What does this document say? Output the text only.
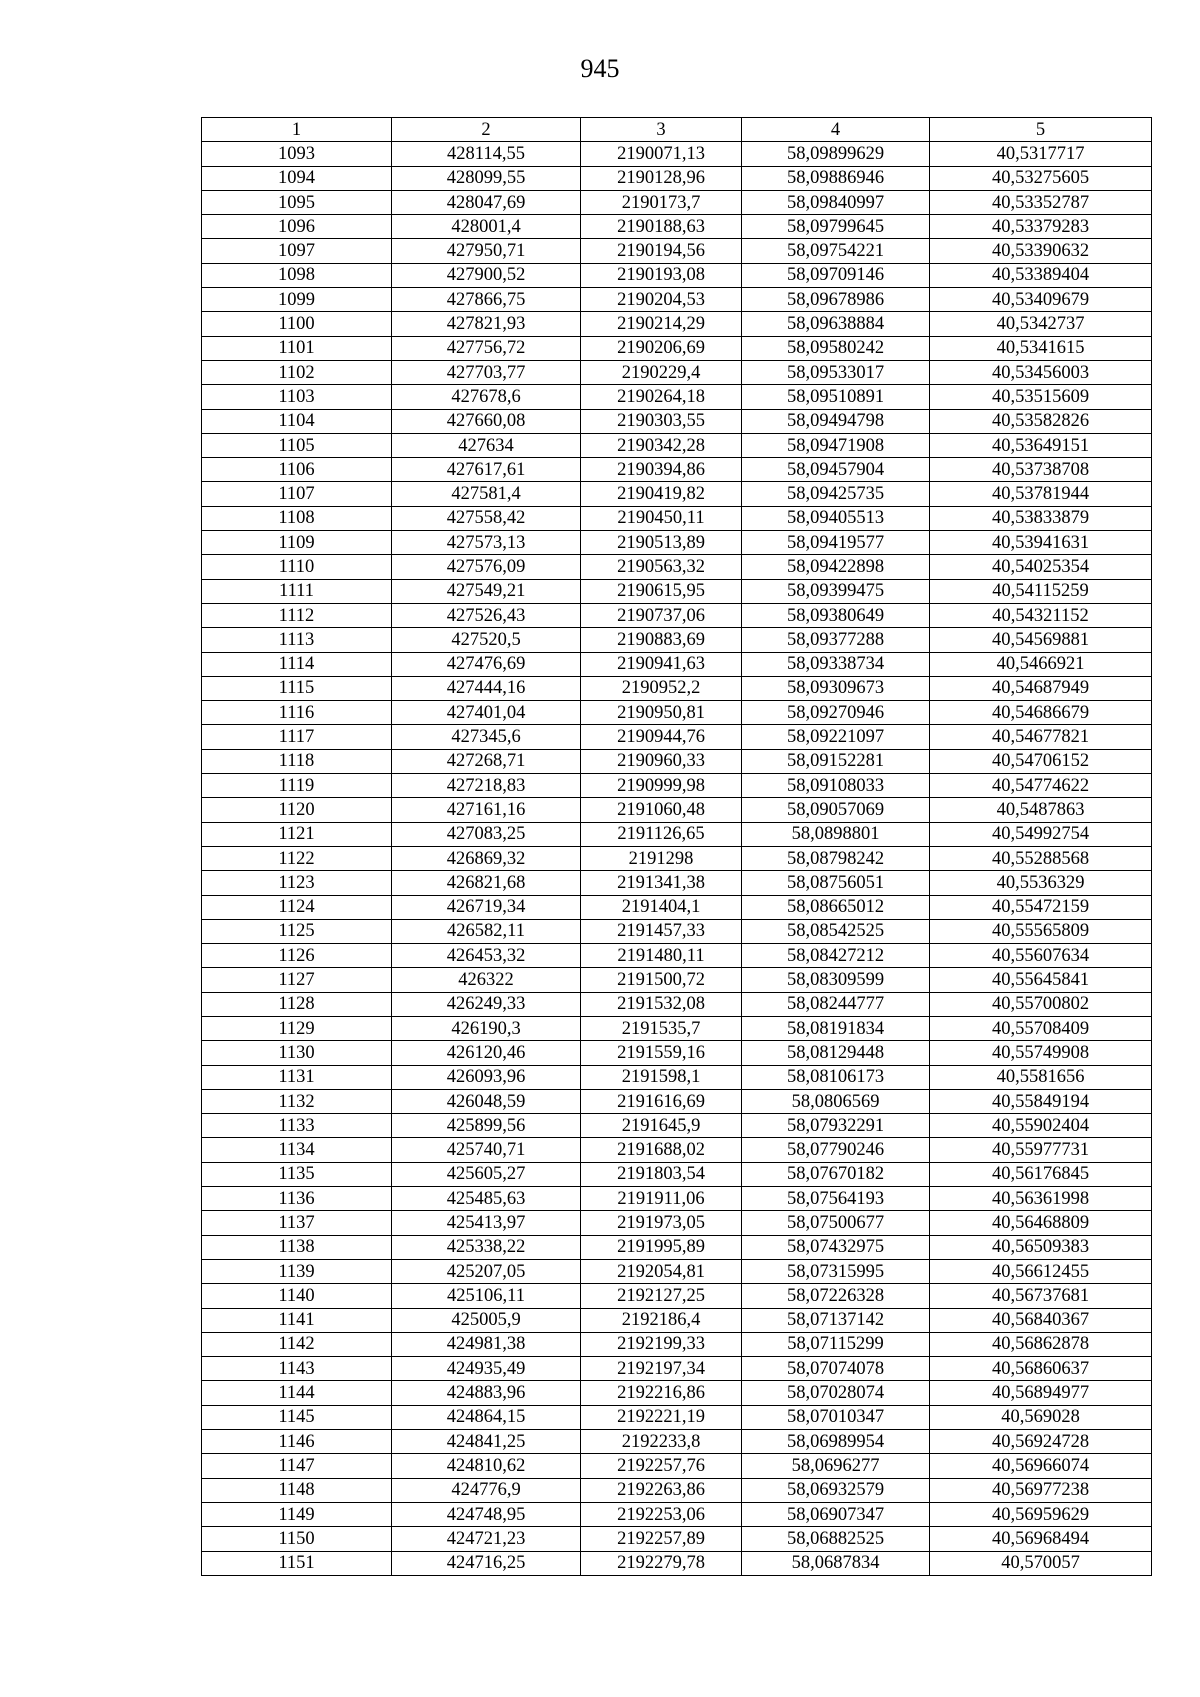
945
1	2	3	4	5
1093	428114,55	2190071,13	58,09899629	40,5317717
1094	428099,55	2190128,96	58,09886946	40,53275605
1095	428047,69	2190173,7	58,09840997	40,53352787
1096	428001,4	2190188,63	58,09799645	40,53379283
1097	427950,71	2190194,56	58,09754221	40,53390632
1098	427900,52	2190193,08	58,09709146	40,53389404
1099	427866,75	2190204,53	58,09678986	40,53409679
1100	427821,93	2190214,29	58,09638884	40,5342737
1101	427756,72	2190206,69	58,09580242	40,5341615
1102	427703,77	2190229,4	58,09533017	40,53456003
1103	427678,6	2190264,18	58,09510891	40,53515609
1104	427660,08	2190303,55	58,09494798	40,53582826
1105	427634	2190342,28	58,09471908	40,53649151
1106	427617,61	2190394,86	58,09457904	40,53738708
1107	427581,4	2190419,82	58,09425735	40,53781944
1108	427558,42	2190450,11	58,09405513	40,53833879
1109	427573,13	2190513,89	58,09419577	40,53941631
1110	427576,09	2190563,32	58,09422898	40,54025354
1111	427549,21	2190615,95	58,09399475	40,54115259
1112	427526,43	2190737,06	58,09380649	40,54321152
1113	427520,5	2190883,69	58,09377288	40,54569881
1114	427476,69	2190941,63	58,09338734	40,5466921
1115	427444,16	2190952,2	58,09309673	40,54687949
1116	427401,04	2190950,81	58,09270946	40,54686679
1117	427345,6	2190944,76	58,09221097	40,54677821
1118	427268,71	2190960,33	58,09152281	40,54706152
1119	427218,83	2190999,98	58,09108033	40,54774622
1120	427161,16	2191060,48	58,09057069	40,5487863
1121	427083,25	2191126,65	58,0898801	40,54992754
1122	426869,32	2191298	58,08798242	40,55288568
1123	426821,68	2191341,38	58,08756051	40,5536329
1124	426719,34	2191404,1	58,08665012	40,55472159
1125	426582,11	2191457,33	58,08542525	40,55565809
1126	426453,32	2191480,11	58,08427212	40,55607634
1127	426322	2191500,72	58,08309599	40,55645841
1128	426249,33	2191532,08	58,08244777	40,55700802
1129	426190,3	2191535,7	58,08191834	40,55708409
1130	426120,46	2191559,16	58,08129448	40,55749908
1131	426093,96	2191598,1	58,08106173	40,5581656
1132	426048,59	2191616,69	58,0806569	40,55849194
1133	425899,56	2191645,9	58,07932291	40,55902404
1134	425740,71	2191688,02	58,07790246	40,55977731
1135	425605,27	2191803,54	58,07670182	40,56176845
1136	425485,63	2191911,06	58,07564193	40,56361998
1137	425413,97	2191973,05	58,07500677	40,56468809
1138	425338,22	2191995,89	58,07432975	40,56509383
1139	425207,05	2192054,81	58,07315995	40,56612455
1140	425106,11	2192127,25	58,07226328	40,56737681
1141	425005,9	2192186,4	58,07137142	40,56840367
1142	424981,38	2192199,33	58,07115299	40,56862878
1143	424935,49	2192197,34	58,07074078	40,56860637
1144	424883,96	2192216,86	58,07028074	40,56894977
1145	424864,15	2192221,19	58,07010347	40,569028
1146	424841,25	2192233,8	58,06989954	40,56924728
1147	424810,62	2192257,76	58,0696277	40,56966074
1148	424776,9	2192263,86	58,06932579	40,56977238
1149	424748,95	2192253,06	58,06907347	40,56959629
1150	424721,23	2192257,89	58,06882525	40,56968494
1151	424716,25	2192279,78	58,0687834	40,570057
